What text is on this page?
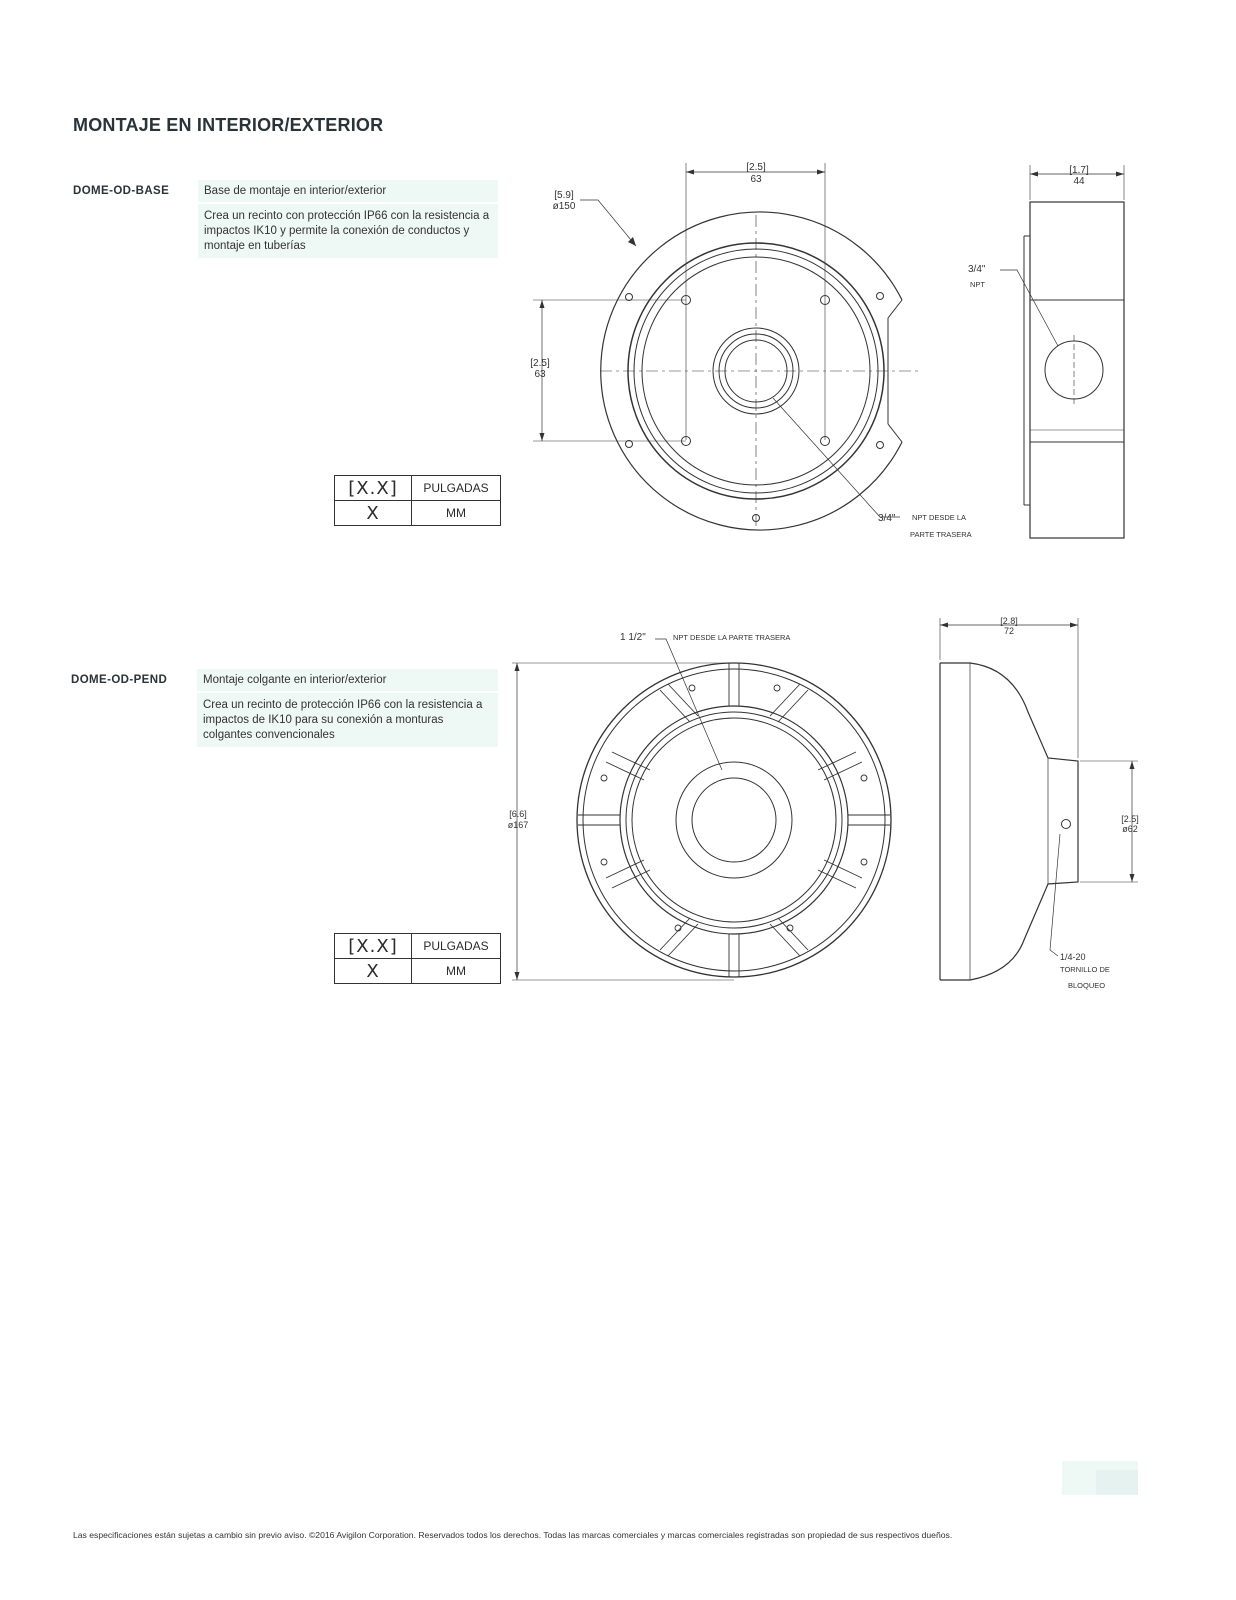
MONTAJE EN INTERIOR/EXTERIOR
DOME-OD-BASE	Base de montaje en interior/exterior
Crea un recinto con protección IP66 con la resistencia a impactos IK10 y permite la conexión de conductos y montaje en tuberías
[X.X]	PULGADAS
X	MM
[2.5]
63
[5.9]
ø150
[2.5]
63
3/4" NPT DESDE LA
PARTE TRASERA
[1.7]
44
3/4"
NPT
1 1/2"	NPT DESDE LA PARTE TRASERA
[6.6]
ø167
[2.8]
72
[2.5]
ø62
1/4-20
TORNILLO DE
BLOQUEO
DOME-OD-PEND	Montaje colgante en interior/exterior
Crea un recinto de protección IP66 con la resistencia a impactos de IK10 para su conexión a monturas colgantes convencionales
[X.X]	PULGADAS
X	MM
Las especificaciones están sujetas a cambio sin previo aviso. ©2016 Avigilon Corporation. Reservados todos los derechos. Todas las marcas comerciales y marcas comerciales registradas son propiedad de sus respectivos dueños.
